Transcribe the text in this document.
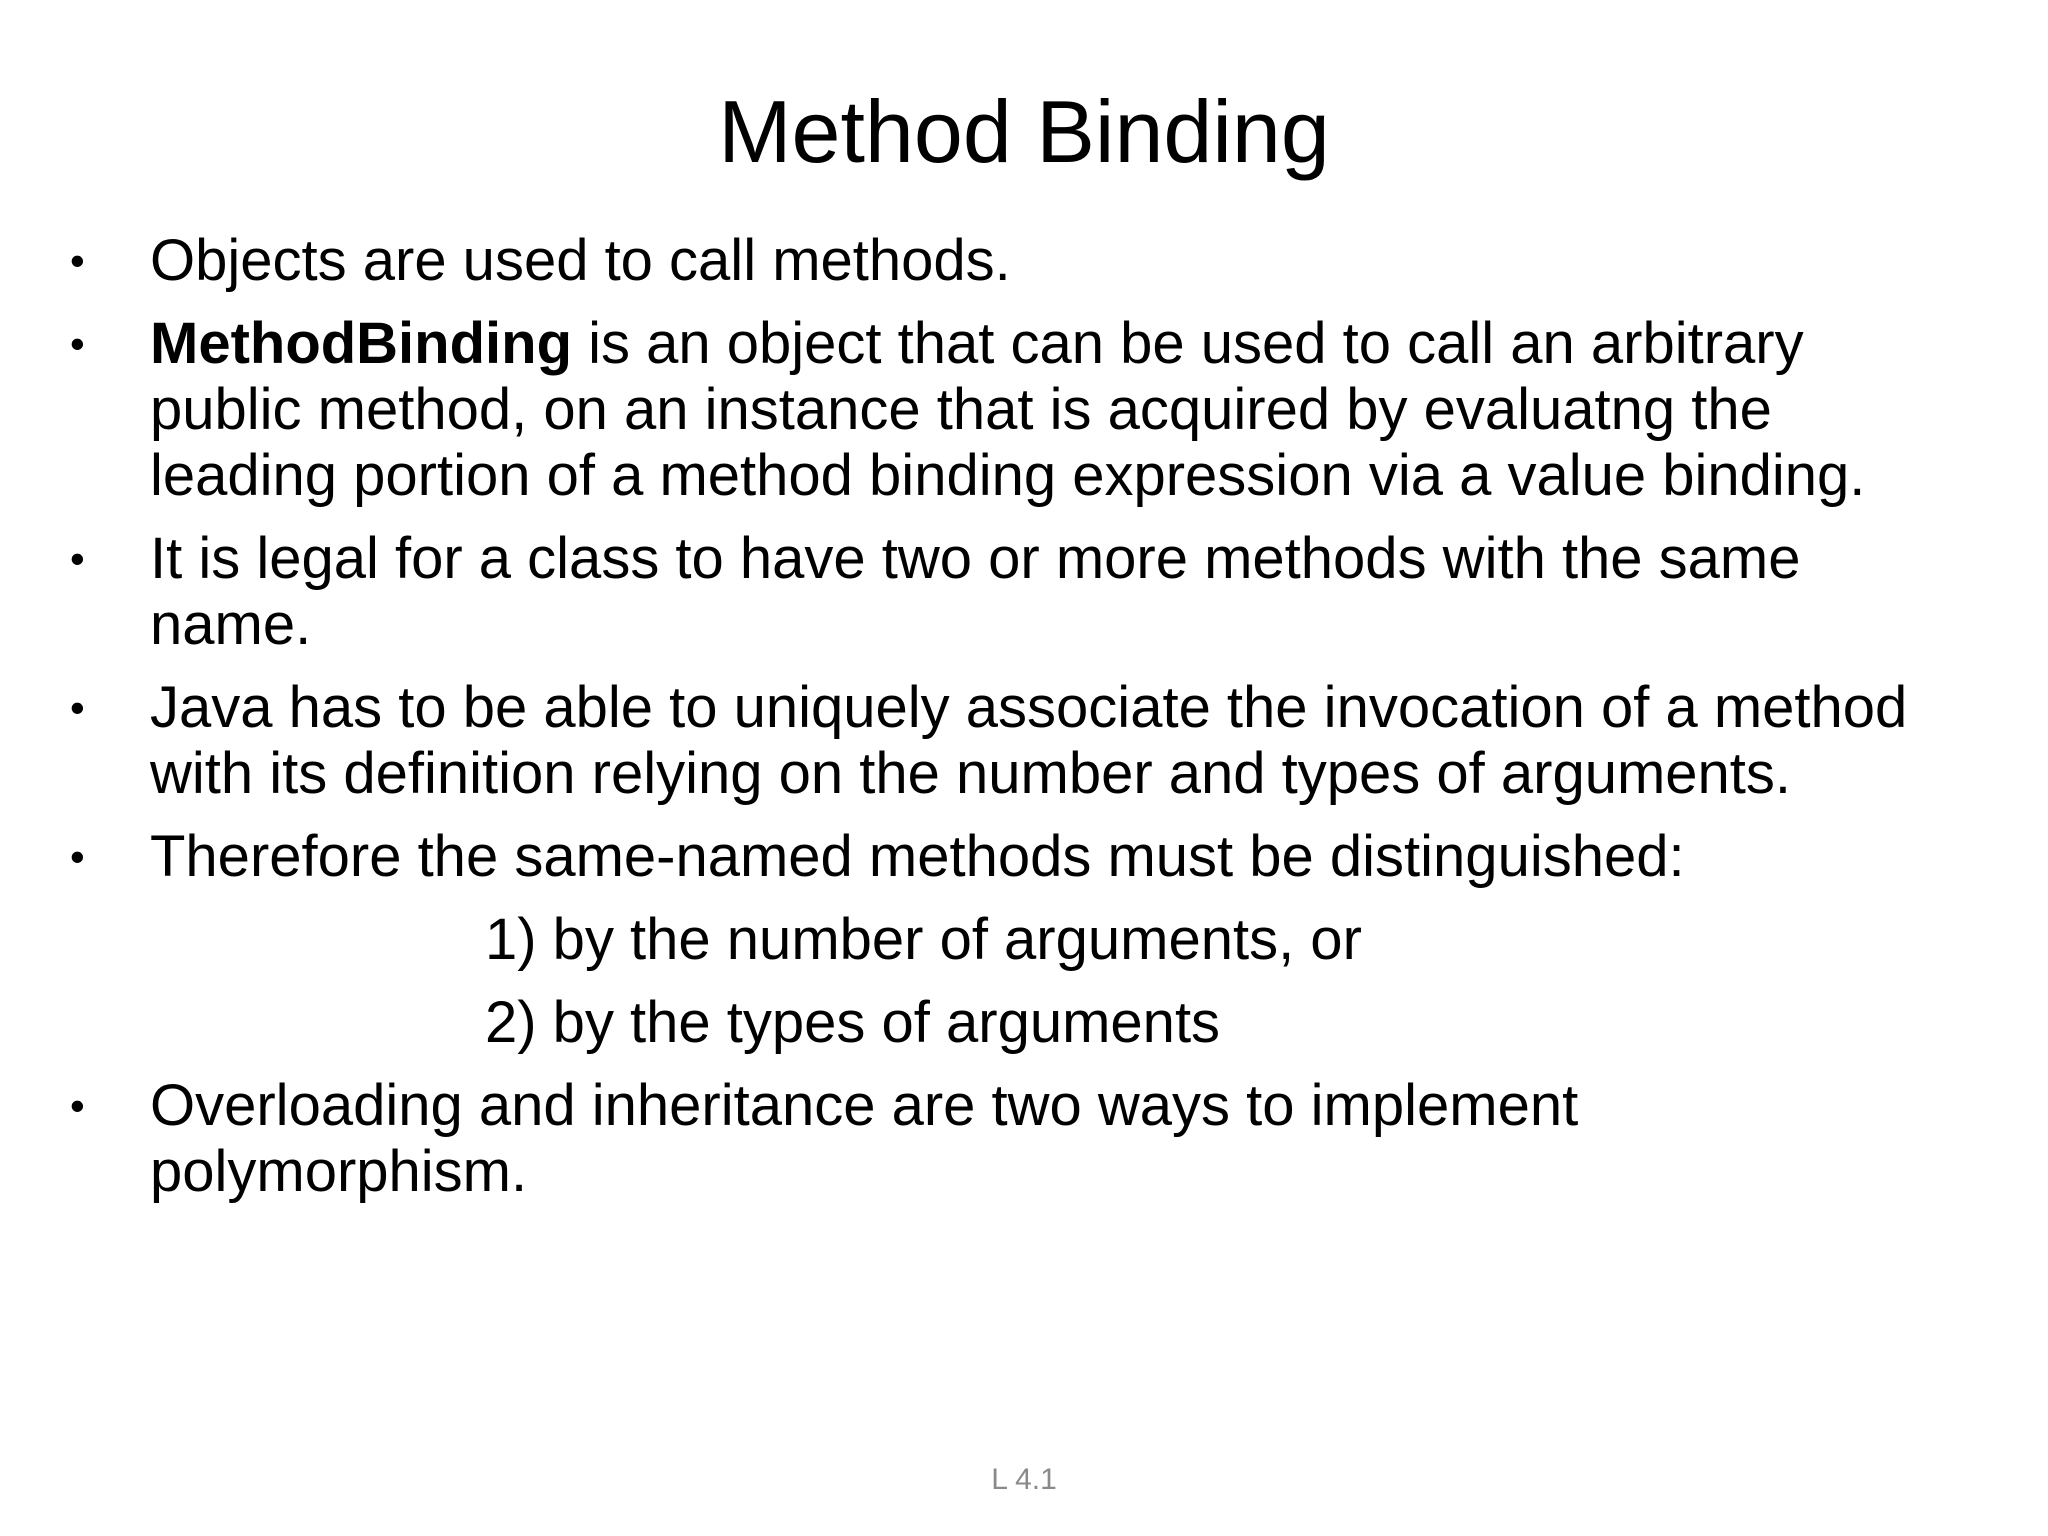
Method Binding
•	Objects are used to call methods.
•	MethodBinding is an object that can be used to call an arbitrary public method, on an instance that is acquired by evaluatng the leading portion of a method binding expression via a value binding.
•	It is legal for a class to have two or more methods with the same name.
•	Java has to be able to uniquely associate the invocation of a method with its definition relying on the number and types of arguments.
•	Therefore the same-named methods must be distinguished:
1) by the number of arguments, or
2) by the types of arguments
•	Overloading and inheritance are two ways to implement polymorphism.
L 4.1
